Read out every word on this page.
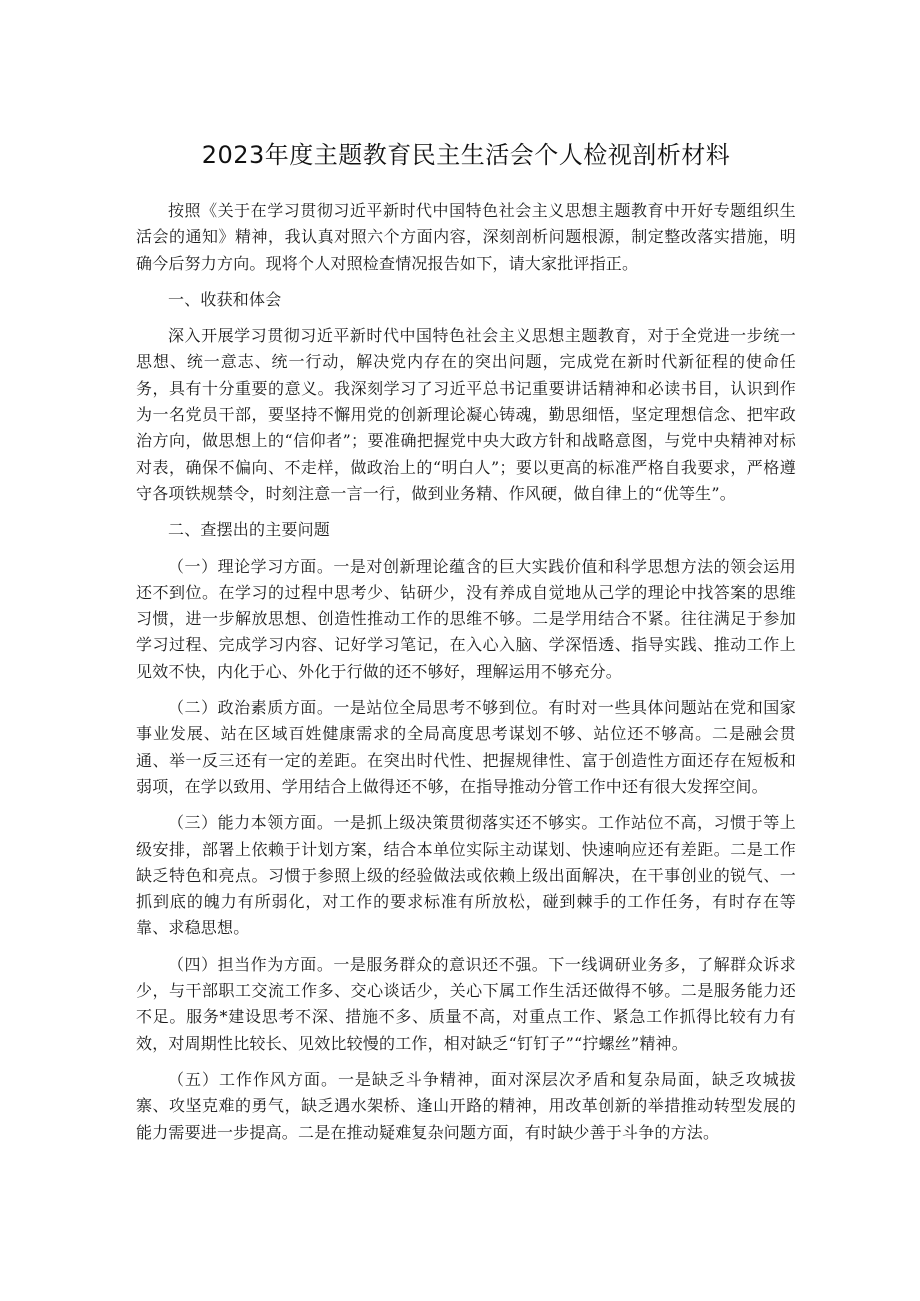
2023年度主题教育民主生活会个人检视剖析材料

按照《关于在学习贯彻习近平新时代中国特色社会主义思想主题教育中开好专题组织生活会的通知》精神，我认真对照六个方面内容，深刻剖析问题根源，制定整改落实措施，明确今后努力方向。现将个人对照检查情况报告如下，请大家批评指正。

一、收获和体会

深入开展学习贯彻习近平新时代中国特色社会主义思想主题教育，对于全党进一步统一思想、统一意志、统一行动，解决党内存在的突出问题，完成党在新时代新征程的使命任务，具有十分重要的意义。我深刻学习了习近平总书记重要讲话精神和必读书目，认识到作为一名党员干部，要坚持不懈用党的创新理论凝心铸魂，勤思细悟，坚定理想信念、把牢政治方向，做思想上的“信仰者”；要准确把握党中央大政方针和战略意图，与党中央精神对标对表，确保不偏向、不走样，做政治上的“明白人”；要以更高的标准严格自我要求，严格遵守各项铁规禁令，时刻注意一言一行，做到业务精、作风硬，做自律上的“优等生”。

二、查摆出的主要问题

（一）理论学习方面。一是对创新理论蕴含的巨大实践价值和科学思想方法的领会运用还不到位。在学习的过程中思考少、钻研少，没有养成自觉地从己学的理论中找答案的思维习惯，进一步解放思想、创造性推动工作的思维不够。二是学用结合不紧。往往满足于参加学习过程、完成学习内容、记好学习笔记，在入心入脑、学深悟透、指导实践、推动工作上见效不快，内化于心、外化于行做的还不够好，理解运用不够充分。

（二）政治素质方面。一是站位全局思考不够到位。有时对一些具体问题站在党和国家事业发展、站在区域百姓健康需求的全局高度思考谋划不够、站位还不够高。二是融会贯通、举一反三还有一定的差距。在突出时代性、把握规律性、富于创造性方面还存在短板和弱项，在学以致用、学用结合上做得还不够，在指导推动分管工作中还有很大发挥空间。

（三）能力本领方面。一是抓上级决策贯彻落实还不够实。工作站位不高，习惯于等上级安排，部署上依赖于计划方案，结合本单位实际主动谋划、快速响应还有差距。二是工作缺乏特色和亮点。习惯于参照上级的经验做法或依赖上级出面解决，在干事创业的锐气、一抓到底的魄力有所弱化，对工作的要求标准有所放松，碰到棘手的工作任务，有时存在等靠、求稳思想。

（四）担当作为方面。一是服务群众的意识还不强。下一线调研业务多，了解群众诉求少，与干部职工交流工作多、交心谈话少，关心下属工作生活还做得不够。二是服务能力还不足。服务*建设思考不深、措施不多、质量不高，对重点工作、紧急工作抓得比较有力有效，对周期性比较长、见效比较慢的工作，相对缺乏“钉钉子”“拧螺丝”精神。

（五）工作作风方面。一是缺乏斗争精神，面对深层次矛盾和复杂局面，缺乏攻城拔寨、攻坚克难的勇气，缺乏遇水架桥、逢山开路的精神，用改革创新的举措推动转型发展的能力需要进一步提高。二是在推动疑难复杂问题方面，有时缺少善于斗争的方法。
